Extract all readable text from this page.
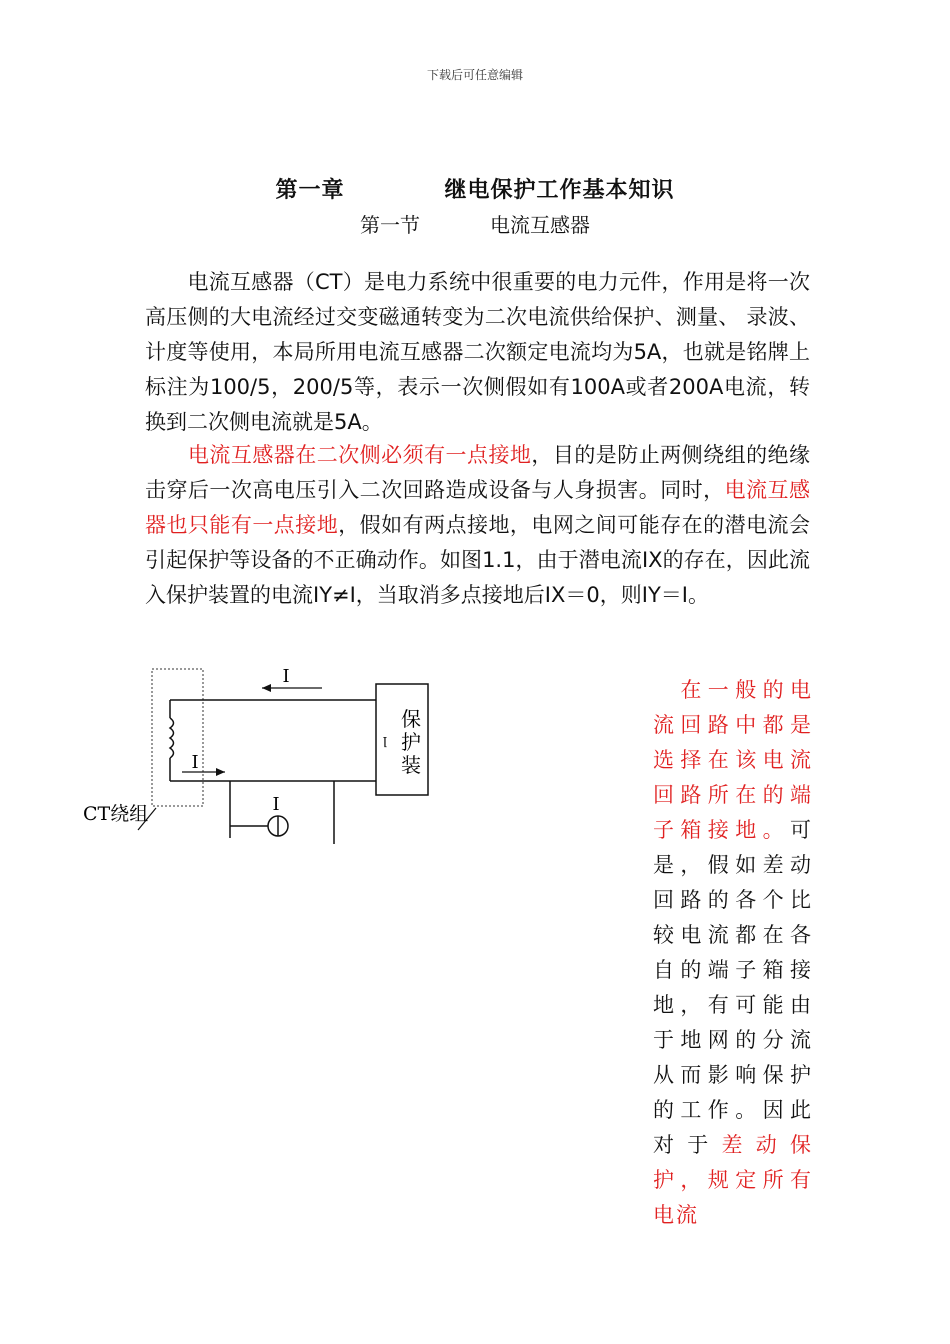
下载后可任意编辑
第一章	继电保护工作基本知识
第一节	电流互感器

　　电流互感器（CT）是电力系统中很重要的电力元件，作用是将一次高压侧的大电流经过交变磁通转变为二次电流供给保护、测量、 录波、 计度等使用，本局所用电流互感器二次额定电流均为5A，也就是铭牌上标注为100/5，200/5等，表示一次侧假如有100A或者200A电流，转换到二次侧电流就是5A。

　　电流互感器在二次侧必须有一点接地，目的是防止两侧绕组的绝缘击穿后一次高电压引入二次回路造成设备与人身损害。同时，电流互感器也只能有一点接地，假如有两点接地，电网之间可能存在的潜电流会引起保护等设备的不正确动作。如图1.1，由于潜电流IX的存在，因此流入保护装置的电流IY≠I，当取消多点接地后IX＝0，则IY＝I。

保
护
装
ꞁ
I
I
I
CT绕组

　在一般的电流回路中都是选择在该电流回路所在的端子箱接地。可是，假如差动回路的各个比较电流都在各自的端子箱接地，有可能由于地网的分流从而影响保护的工作。因此对于差动保护，规定所有电流
